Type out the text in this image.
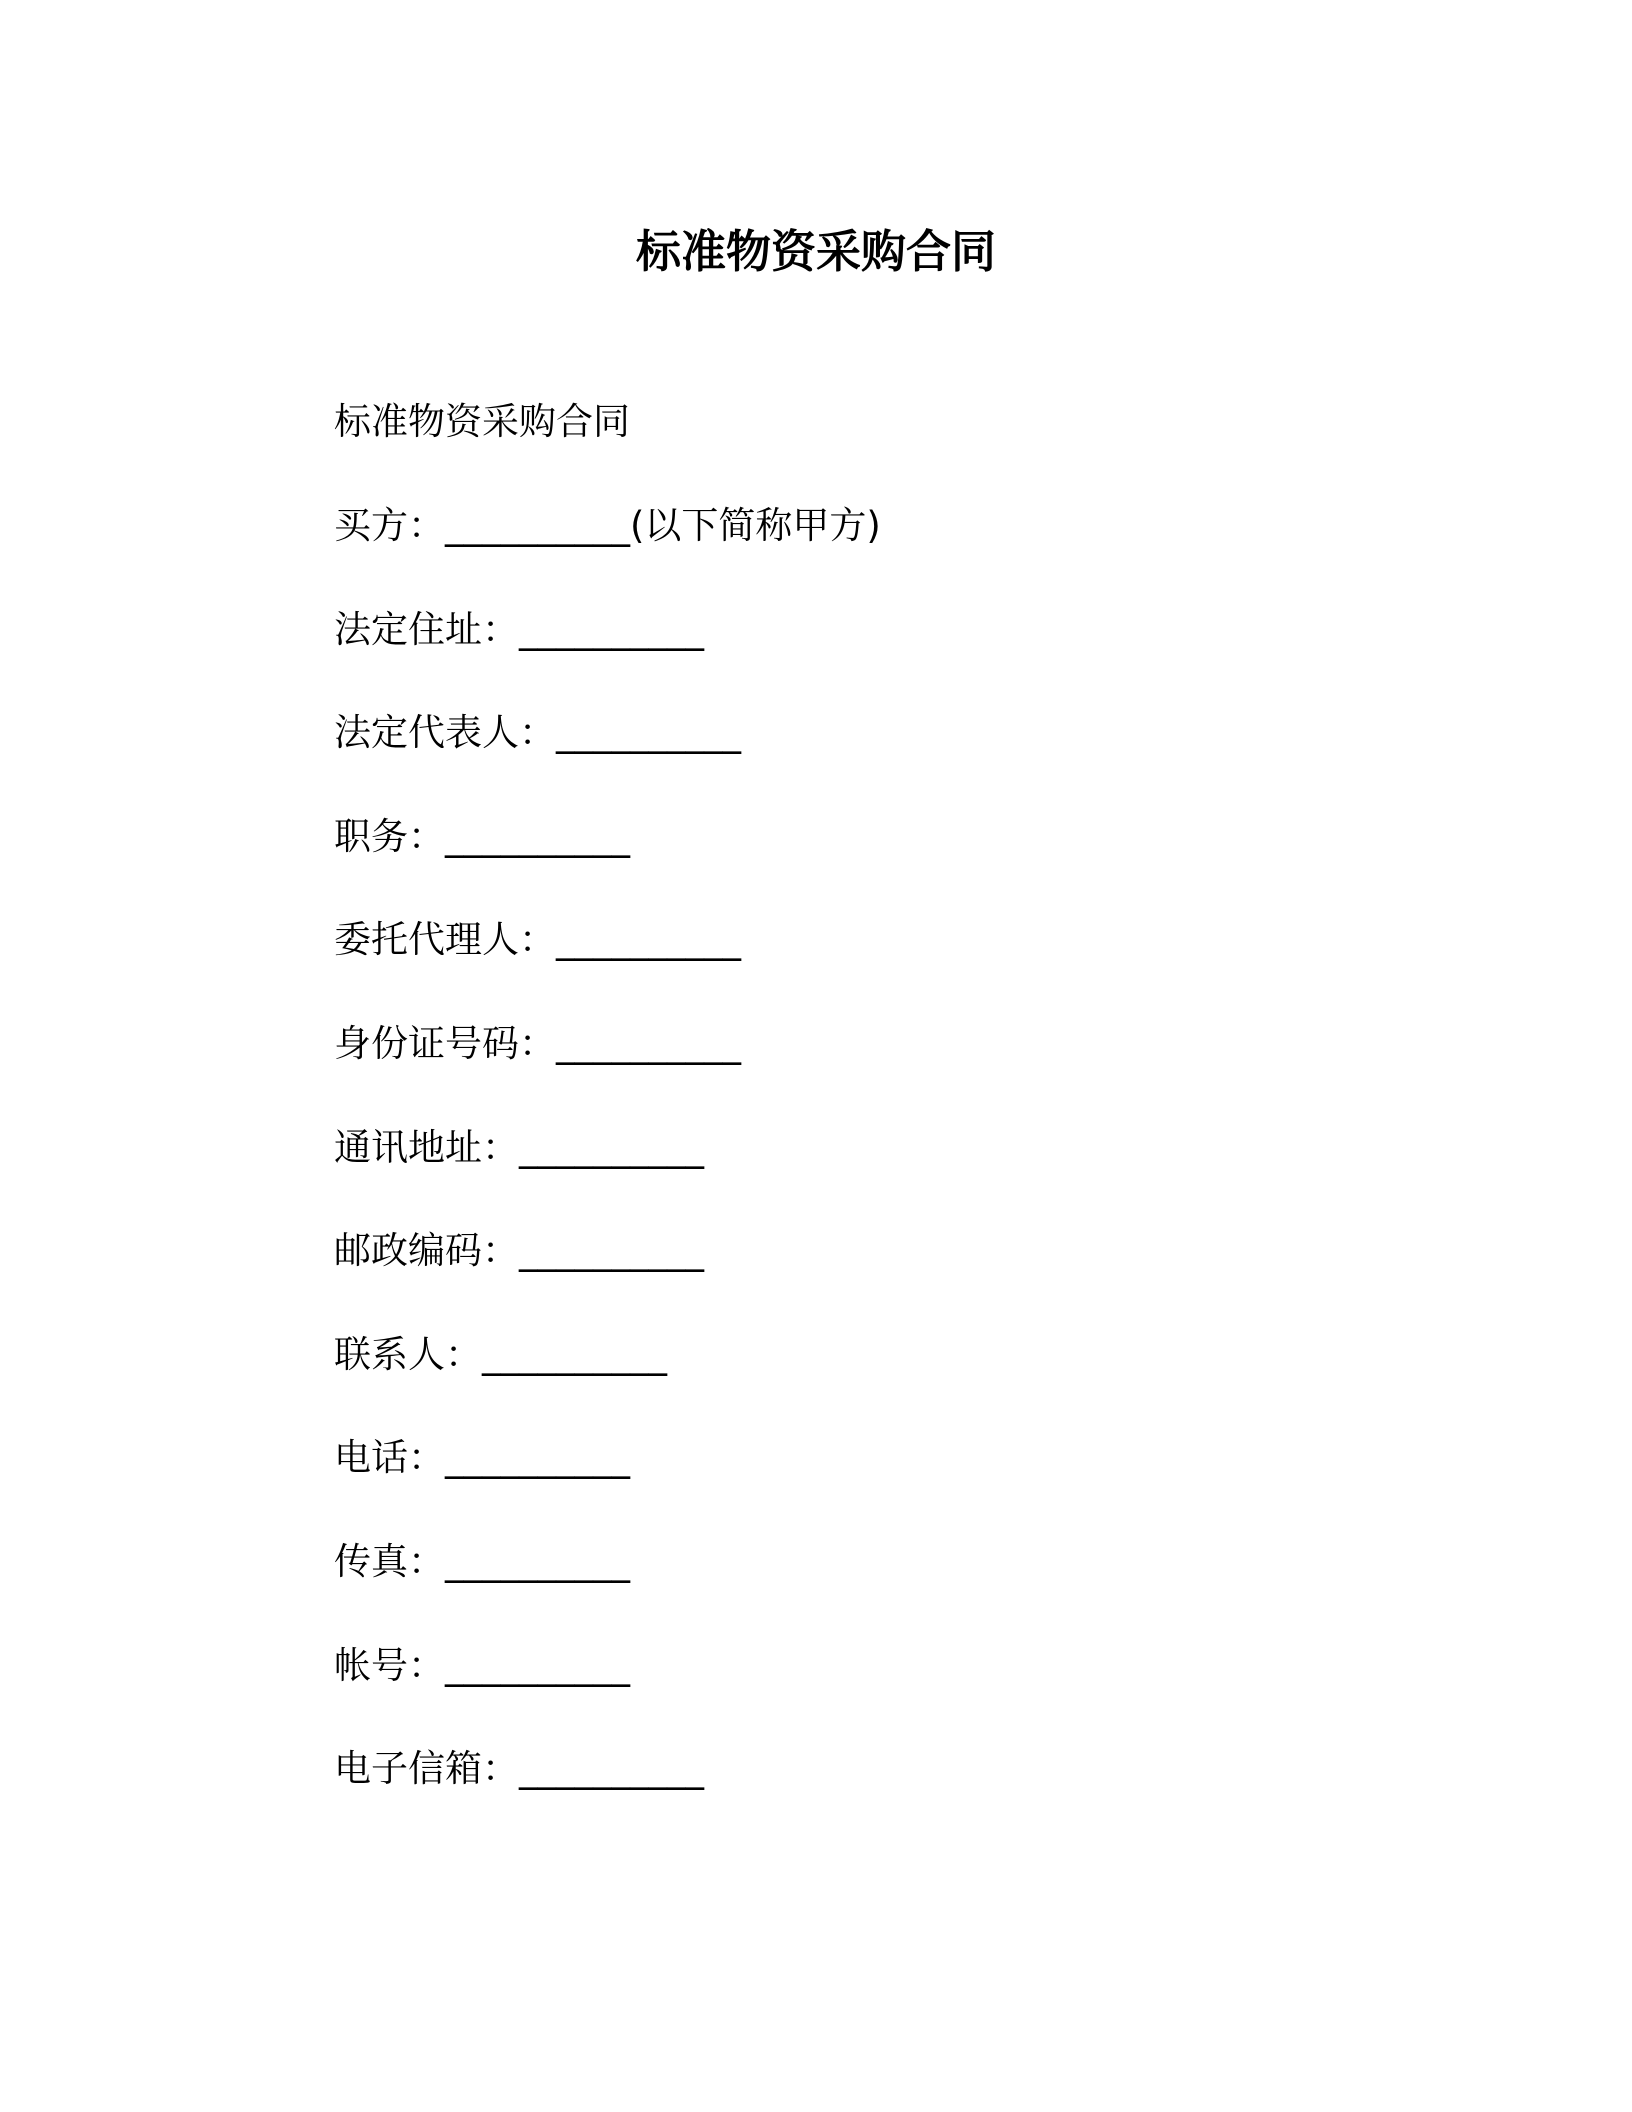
标准物资采购合同
标准物资采购合同
买方：__________(以下简称甲方)
法定住址：__________
法定代表人：__________
职务：__________
委托代理人：__________
身份证号码：__________
通讯地址：__________
邮政编码：__________
联系人：__________
电话：__________
传真：__________
帐号：__________
电子信箱：__________
